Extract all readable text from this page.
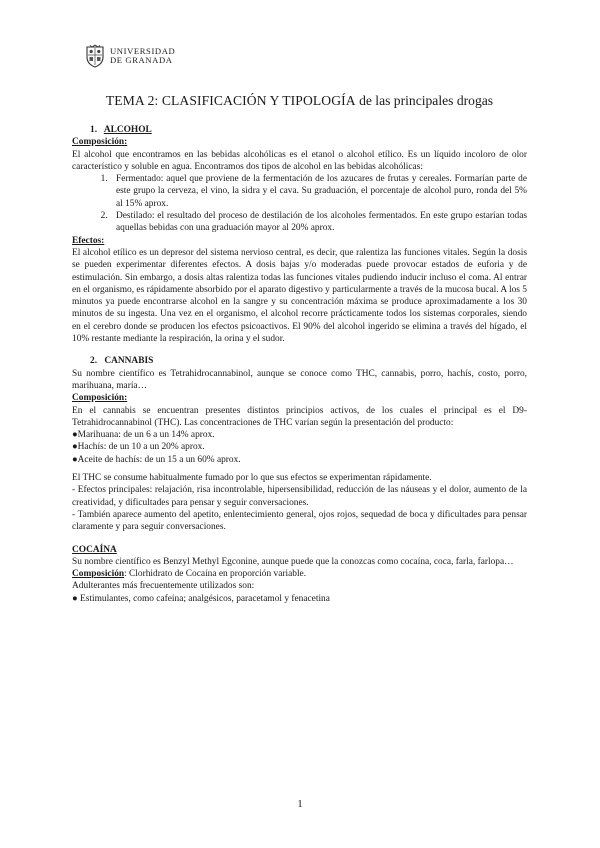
UNIVERSIDAD
DE GRANADA
TEMA 2: CLASIFICACIÓN Y TIPOLOGÍA de las principales drogas
1. ALCOHOL
Composición:

El alcohol que encontramos en las bebidas alcohólicas es el etanol o alcohol etílico. Es un líquido incoloro de olor característico y soluble en agua. Encontramos dos tipos de alcohol en las bebidas alcohólicas:

1. Fermentado: aquel que proviene de la fermentación de los azucares de frutas y cereales. Formarían parte de este grupo la cerveza, el vino, la sidra y el cava. Su graduación, el porcentaje de alcohol puro, ronda del 5% al 15% aprox.
2. Destilado: el resultado del proceso de destilación de los alcoholes fermentados. En este grupo estarían todas aquellas bebidas con una graduación mayor al 20% aprox.
Efectos:

El alcohol etílico es un depresor del sistema nervioso central, es decir, que ralentiza las funciones vitales. Según la dosis se pueden experimentar diferentes efectos. A dosis bajas y/o moderadas puede provocar estados de euforia y de estimulación. Sin embargo, a dosis altas ralentiza todas las funciones vitales pudiendo inducir incluso el coma. Al entrar en el organismo, es rápidamente absorbido por el aparato digestivo y particularmente a través de la mucosa bucal. A los 5 minutos ya puede encontrarse alcohol en la sangre y su concentración máxima se produce aproximadamente a los 30 minutos de su ingesta. Una vez en el organismo, el alcohol recorre prácticamente todos los sistemas corporales, siendo en el cerebro donde se producen los efectos psicoactivos. El 90% del alcohol ingerido se elimina a través del hígado, el 10% restante mediante la respiración, la orina y el sudor.

2. CANNABIS

Su nombre científico es Tetrahidrocannabinol, aunque se conoce como THC, cannabis, porro, hachís, costo, porro, marihuana, maría…

Composición:

En el cannabis se encuentran presentes distintos principios activos, de los cuales el principal es el D9-Tetrahidrocannabinol (THC). Las concentraciones de THC varían según la presentación del producto:

●Marihuana: de un 6 a un 14% aprox.
●Hachís: de un 10 a un 20% aprox.
●Aceite de hachís: de un 15 a un 60% aprox.

El THC se consume habitualmente fumado por lo que sus efectos se experimentan rápidamente.

- Efectos principales: relajación, risa incontrolable, hipersensibilidad, reducción de las náuseas y el dolor, aumento de la creatividad, y dificultades para pensar y seguir conversaciones.

- También aparece aumento del apetito, enlentecimiento general, ojos rojos, sequedad de boca y dificultades para pensar claramente y para seguir conversaciones.

COCAÍNA

Su nombre científico es Benzyl Methyl Egconine, aunque puede que la conozcas como cocaína, coca, farla, farlopa…

Composición: Clorhidrato de Cocaína en proporción variable.

Adulterantes más frecuentemente utilizados son:

● Estimulantes, como cafeína; analgésicos, paracetamol y fenacetina
1
